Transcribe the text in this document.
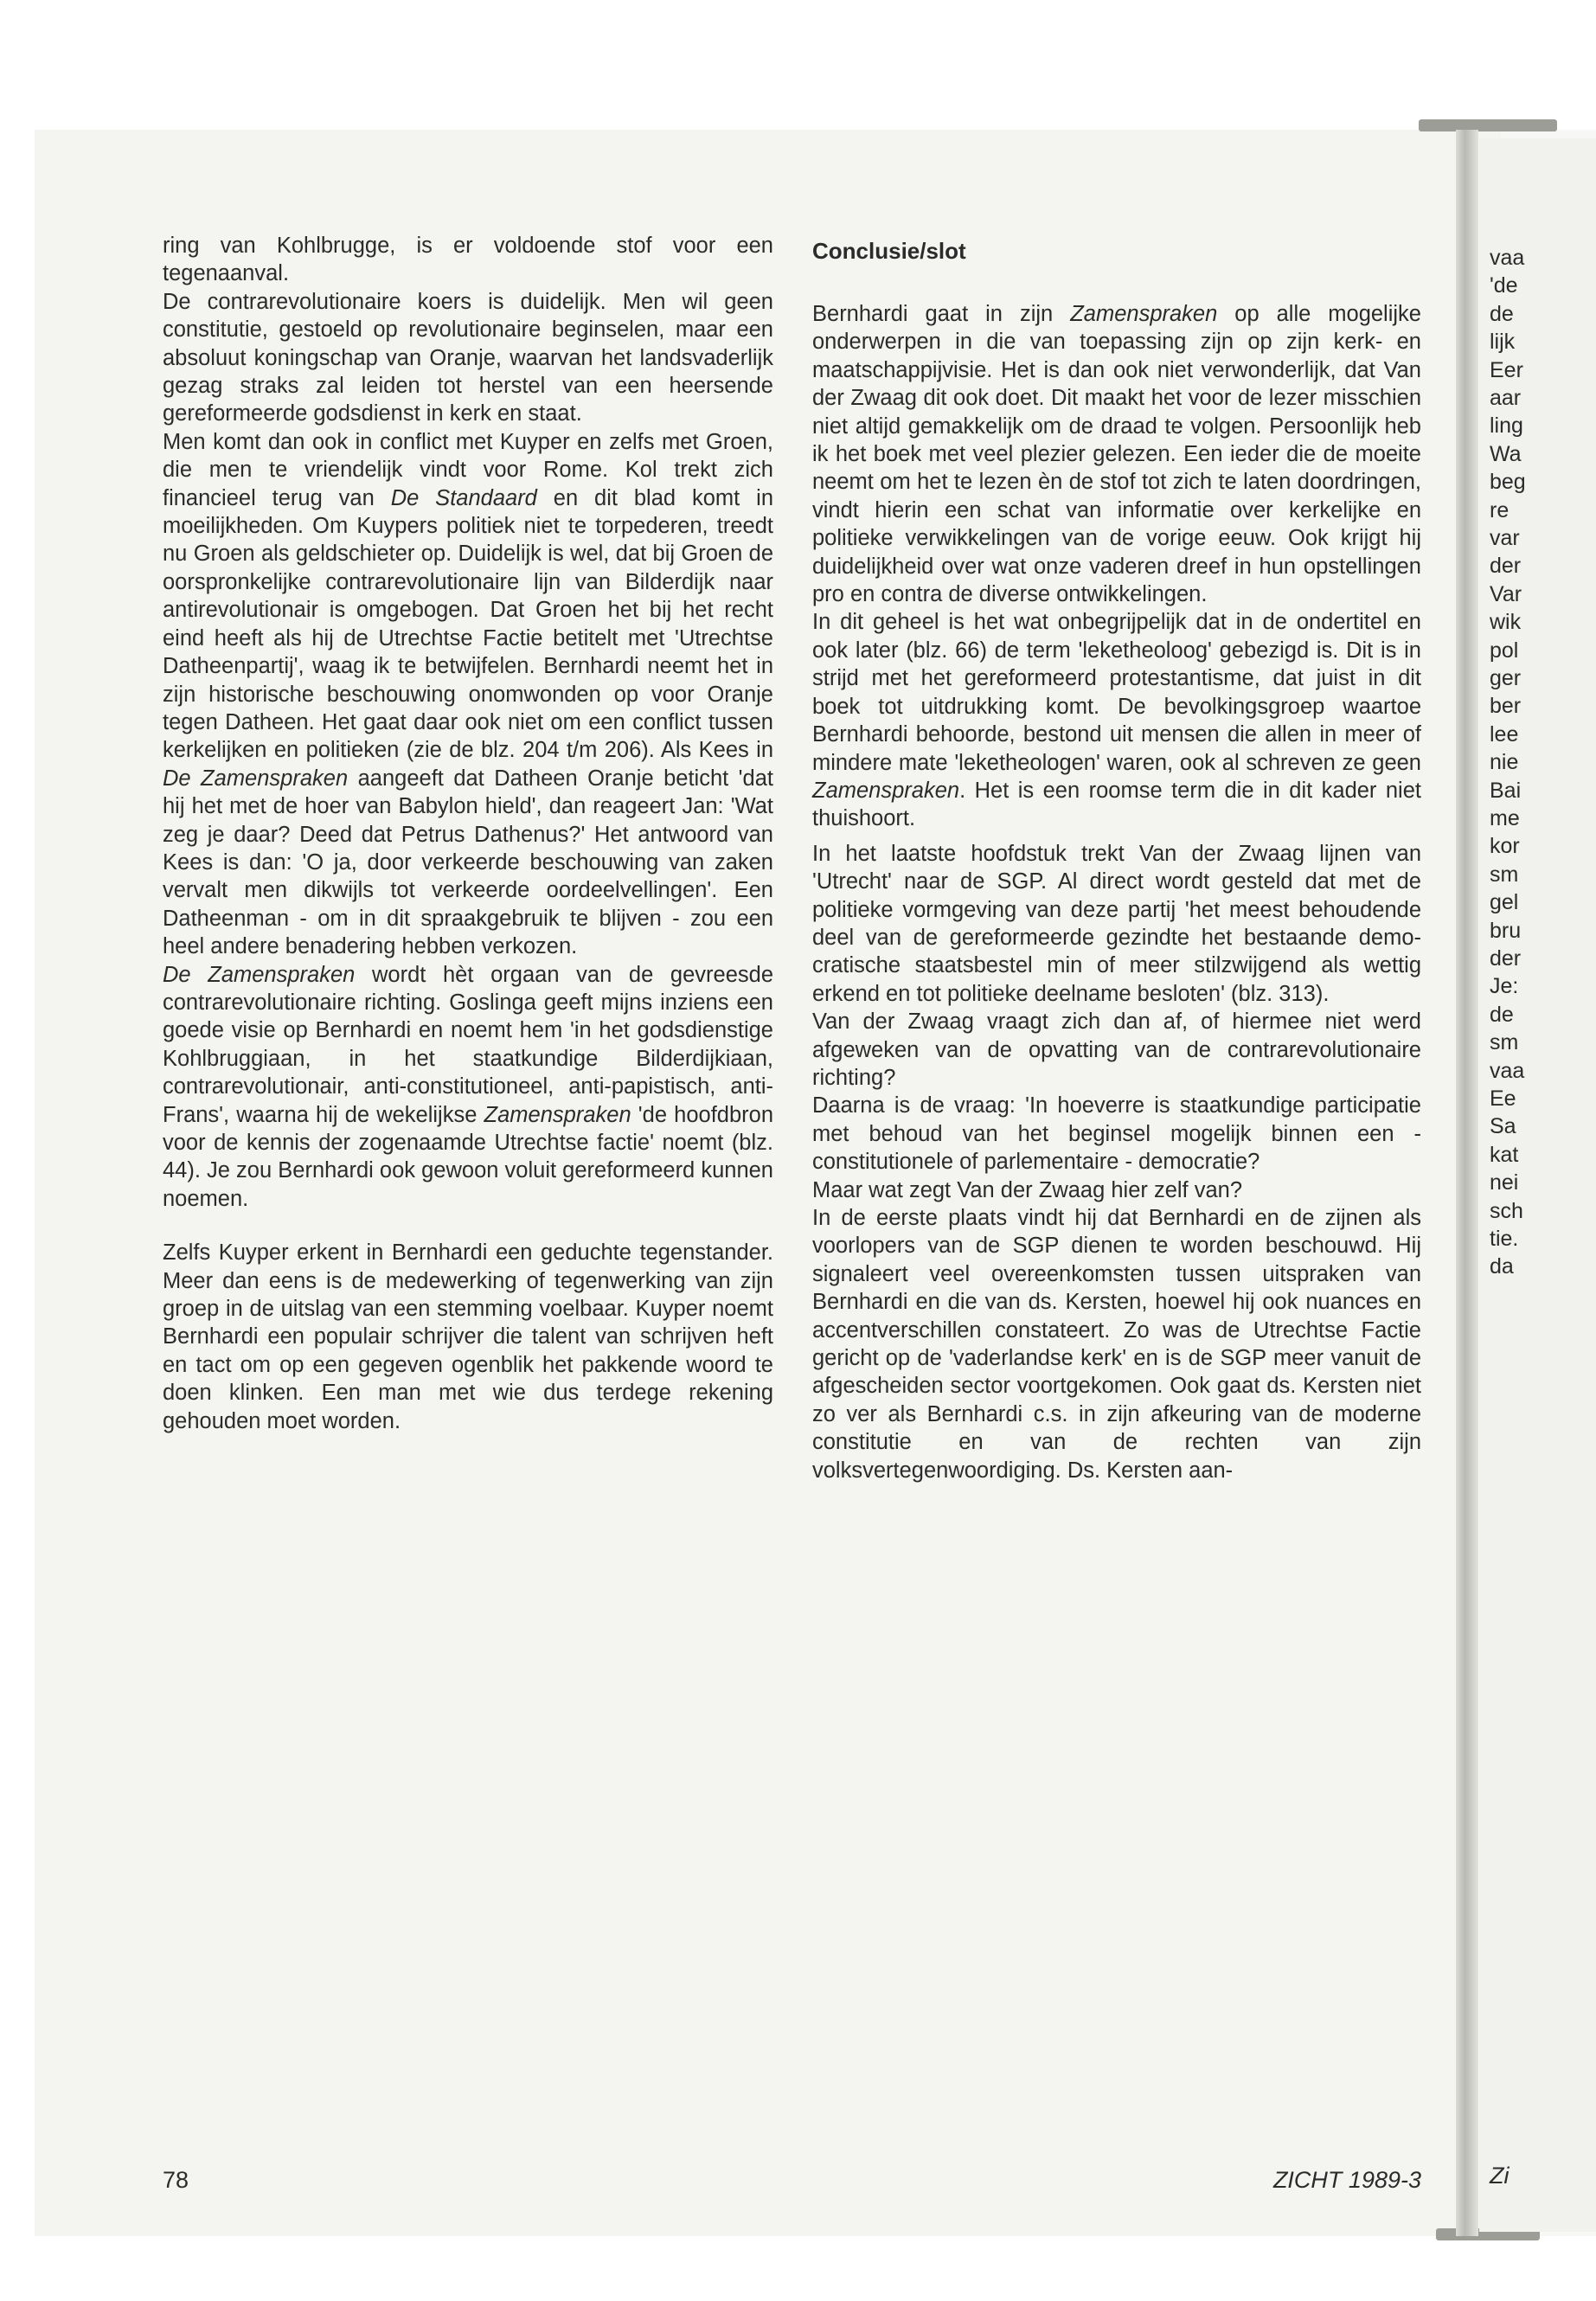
ring van Kohlbrugge, is er voldoende stof voor een tegenaanval.

De contrarevolutionaire koers is duidelijk. Men wil geen constitutie, gestoeld op revolutionaire beginselen, maar een absoluut koningschap van Oranje, waarvan het landsvaderlijk gezag straks zal leiden tot herstel van een heersende gereformeerde godsdienst in kerk en staat.

Men komt dan ook in conflict met Kuyper en zelfs met Groen, die men te vriendelijk vindt voor Rome. Kol trekt zich financieel terug van De Standaard en dit blad komt in moeilijkheden. Om Kuypers politiek niet te torpederen, treedt nu Groen als geldschieter op. Duidelijk is wel, dat bij Groen de oorspronkelijke contrarevolutionaire lijn van Bilderdijk naar antirevolutionair is omgebogen. Dat Groen het bij het recht eind heeft als hij de Utrechtse Factie betitelt met 'Utrechtse Datheenpartij', waag ik te betwijfelen. Bernhardi neemt het in zijn historische beschouwing onomwonden op voor Oranje tegen Datheen. Het gaat daar ook niet om een conflict tussen kerkelijken en politieken (zie de blz. 204 t/m 206). Als Kees in De Zamenspraken aangeeft dat Datheen Oranje beticht 'dat hij het met de hoer van Babylon hield', dan reageert Jan: 'Wat zeg je daar? Deed dat Petrus Dathenus?' Het antwoord van Kees is dan: 'O ja, door verkeerde beschouwing van zaken vervalt men dikwijls tot verkeerde oordeelvellingen'. Een Datheenman - om in dit spraakgebruik te blijven - zou een heel andere benadering hebben verkozen.

De Zamenspraken wordt hèt orgaan van de gevreesde contrarevolutionaire richting. Goslinga geeft mijns inziens een goede visie op Bernhardi en noemt hem 'in het godsdienstige Kohlbruggiaan, in het staatkundige Bilderdijkiaan, contrarevolutionair, anti-constitutioneel, anti-papistisch, anti-Frans', waarna hij de wekelijkse Zamenspraken 'de hoofdbron voor de kennis der zogenaamde Utrechtse factie' noemt (blz. 44). Je zou Bernhardi ook gewoon voluit gereformeerd kunnen noemen.

Zelfs Kuyper erkent in Bernhardi een geduchte tegenstander. Meer dan eens is de medewerking of tegenwerking van zijn groep in de uitslag van een stemming voelbaar. Kuyper noemt Bernhardi een populair schrijver die talent van schrijven heft en tact om op een gegeven ogenblik het pakkende woord te doen klinken. Een man met wie dus terdege rekening gehouden moet worden.

Conclusie/slot

Bernhardi gaat in zijn Zamenspraken op alle mogelijke onderwerpen in die van toepassing zijn op zijn kerk- en maatschappijvisie. Het is dan ook niet verwonderlijk, dat Van der Zwaag dit ook doet. Dit maakt het voor de lezer misschien niet altijd gemakkelijk om de draad te volgen. Persoonlijk heb ik het boek met veel plezier gelezen. Een ieder die de moeite neemt om het te lezen èn de stof tot zich te laten doordringen, vindt hierin een schat van informatie over kerkelijke en politieke verwikkelingen van de vorige eeuw. Ook krijgt hij duidelijkheid over wat onze vaderen dreef in hun opstellingen pro en contra de diverse ontwikkelingen.

In dit geheel is het wat onbegrijpelijk dat in de ondertitel en ook later (blz. 66) de term 'leketheoloog' gebezigd is. Dit is in strijd met het gereformeerd protestantisme, dat juist in dit boek tot uitdrukking komt. De bevolkingsgroep waartoe Bernhardi behoorde, bestond uit mensen die allen in meer of mindere mate 'leketheologen' waren, ook al schreven ze geen Zamenspraken. Het is een roomse term die in dit kader niet thuishoort.

In het laatste hoofdstuk trekt Van der Zwaag lijnen van 'Utrecht' naar de SGP. Al direct wordt gesteld dat met de politieke vormgeving van deze partij 'het meest behoudende deel van de gereformeerde gezindte het bestaande democratische staatsbestel min of meer stilzwijgend als wettig erkend en tot politieke deelname besloten' (blz. 313).

Van der Zwaag vraagt zich dan af, of hiermee niet werd afgeweken van de opvatting van de contrarevolutionaire richting?

Daarna is de vraag: 'In hoeverre is staatkundige participatie met behoud van het beginsel mogelijk binnen een - constitutionele of parlementaire - democratie?

Maar wat zegt Van der Zwaag hier zelf van?

In de eerste plaats vindt hij dat Bernhardi en de zijnen als voorlopers van de SGP dienen te worden beschouwd. Hij signaleert veel overeenkomsten tussen uitspraken van Bernhardi en die van ds. Kersten, hoewel hij ook nuances en accentverschillen constateert. Zo was de Utrechtse Factie gericht op de 'vaderlandse kerk' en is de SGP meer vanuit de afgescheiden sector voortgekomen. Ook gaat ds. Kersten niet zo ver als Bernhardi c.s. in zijn afkeuring van de moderne constitutie en van de rechten van zijn volksvertegenwoordiging. Ds. Kersten aan-

78	ZICHT 1989-3
vaa
'de
de
lijk
Eer
aar
ling
Wa
beg
re
var
der
Var
wik
pol
ger
ber
lee
nie
Bai
me
kor
sm
gel
bru
der
Je:
de
sm
vaa
Ee
Sa
kat
nei
sch
tie.
da
Zi
